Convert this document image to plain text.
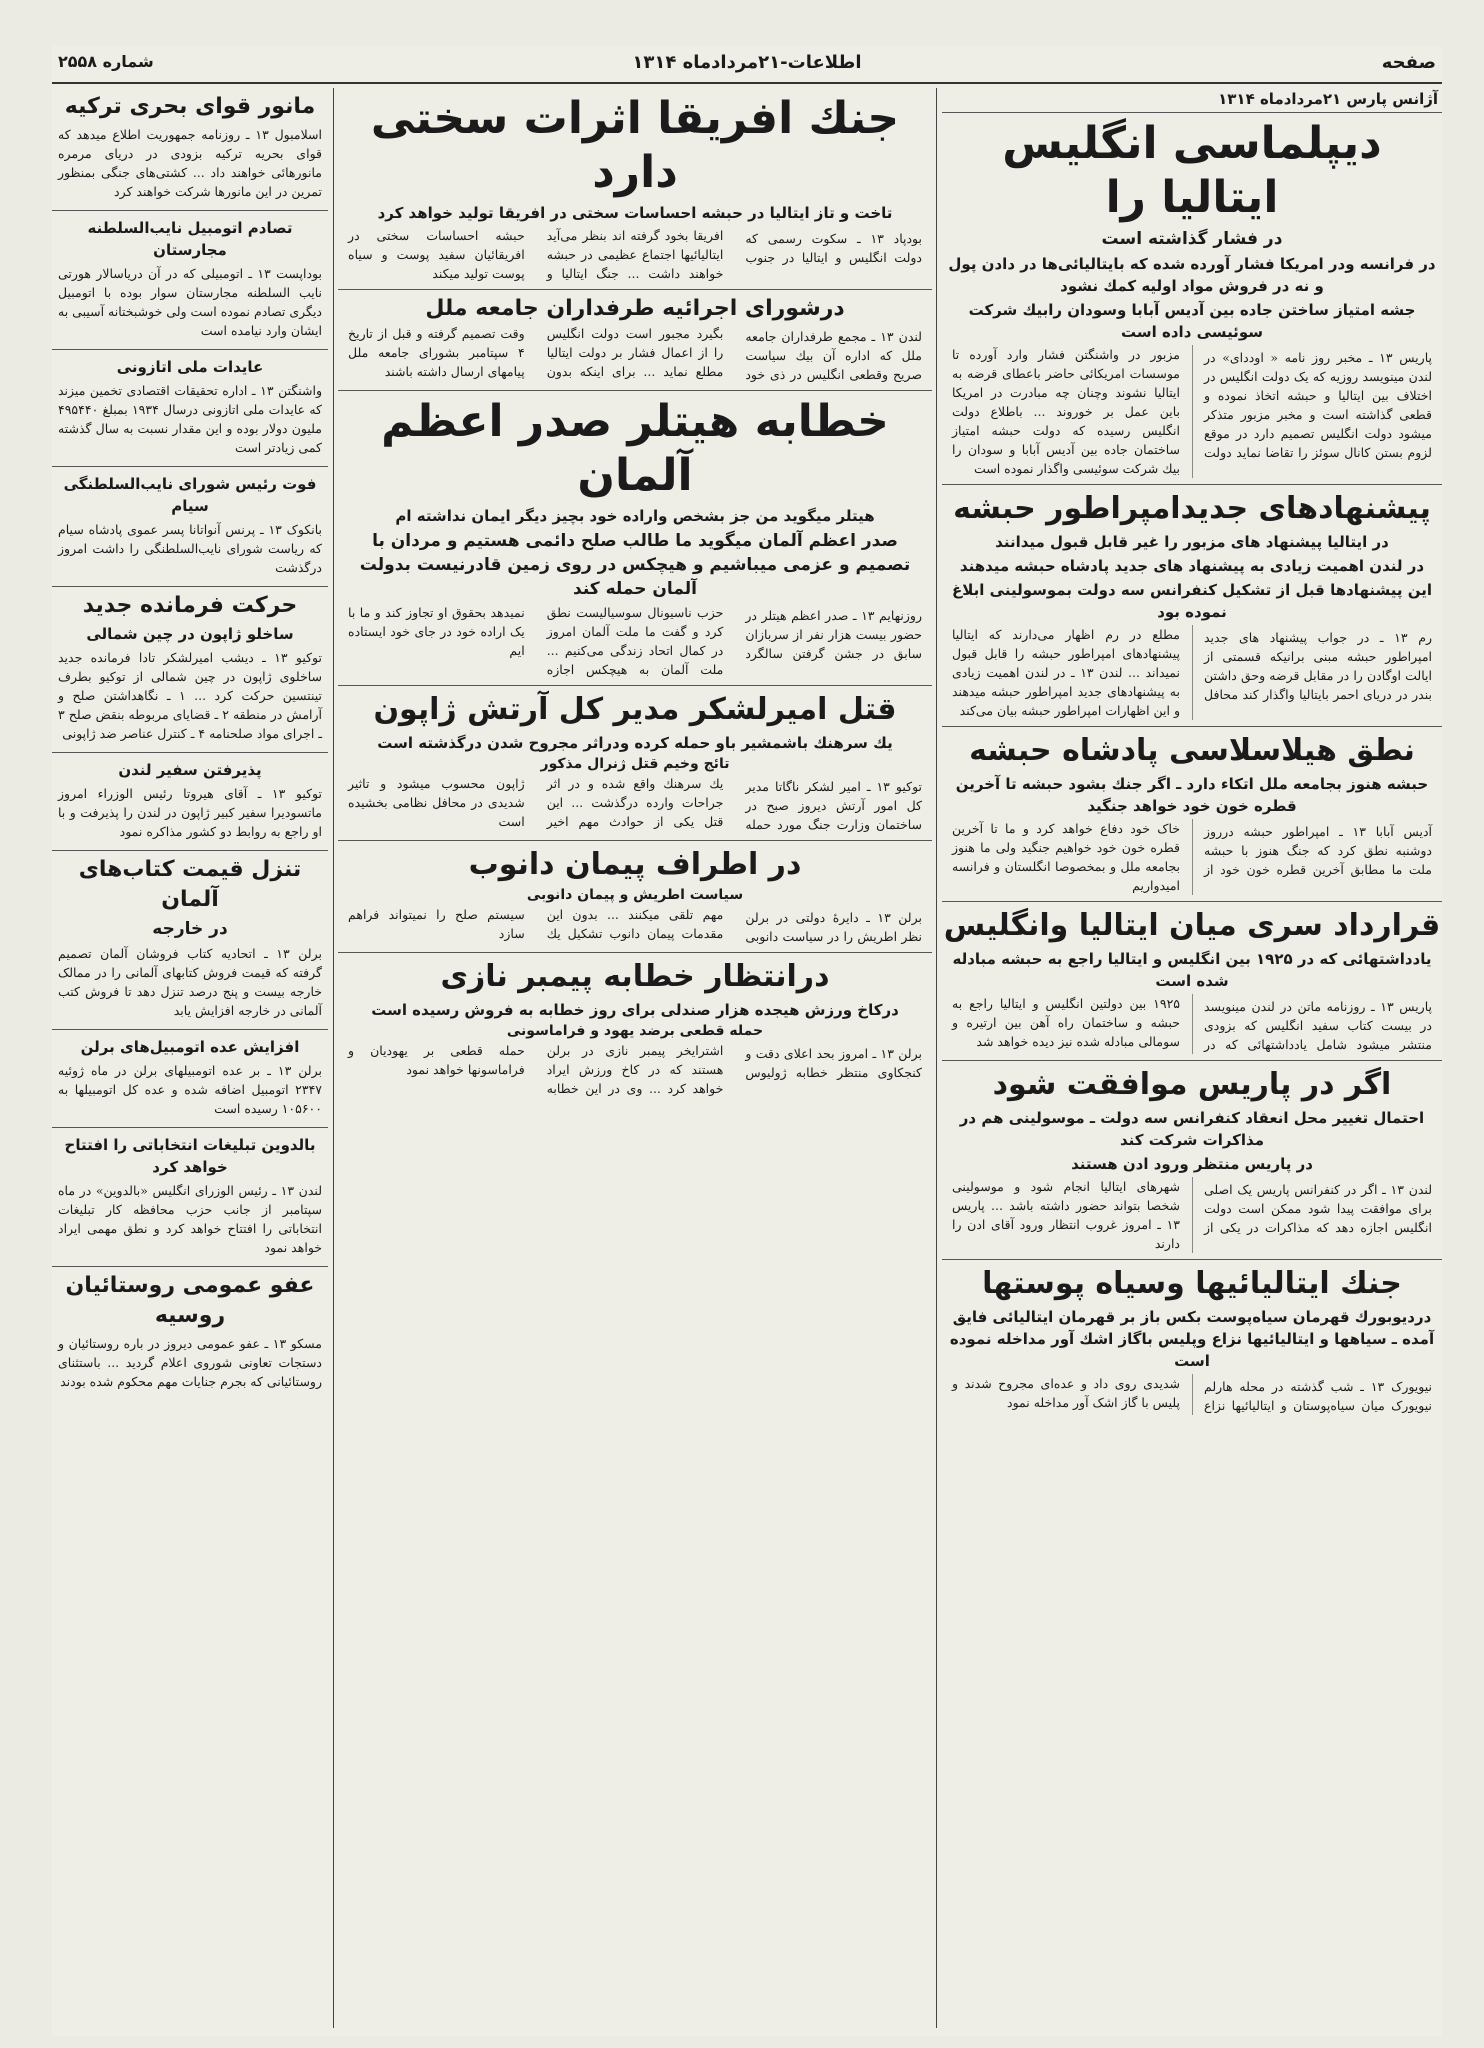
صفحه
اطلاعات-۲۱مردادماه ۱۳۱۴
شماره ۲۵۵۸
آژانس پارس ۲۱مردادماه ۱۳۱۴
دیپلماسی انگلیس ایتالیا را
در فشار گذاشته است
در فرانسه ودر امریکا فشار آورده شده که بایتالیائی‌ها در دادن پول و نه در فروش مواد اولیه کمك نشود
جشه امتیاز ساختن جاده بین آدیس آبابا وسودان رابیك شرکت سوئیسی داده است

پاریس ۱۳ ـ مخبر روز نامه « اوددای» در لندن مینویسد روزیه که یک دولت انگلیس در اختلاف بین ایتالیا و حبشه اتخاذ نموده و قطعی گذاشته است و مخبر مزبور متذکر میشود دولت انگلیس تصمیم دارد در موقع لزوم بستن کانال سوئز را تقاضا نماید دولت مزبور در واشنگتن فشار وارد آورده تا موسسات امریکائی حاضر باعطای قرضه به ایتالیا نشوند وچنان چه مبادرت در امریکا باین عمل بر خوروند ... باطلاع دولت انگلیس رسیده که دولت حبشه امتیاز ساختمان جاده بین آدیس آبابا و سودان را بیك شرکت سوئیسی واگذار نموده است

پیشنهادهای جدیدامپراطور حبشه
در ایتالیا پیشنهاد های مزبور را غیر قابل قبول میدانند
در لندن اهمیت زیادی به پیشنهاد های جدید پادشاه حبشه میدهند
این پیشنهادها قبل از تشکیل کنفرانس سه دولت بموسولینی ابلاغ نموده بود

رم ۱۳ ـ در جواب پیشنهاد های جدید امپراطور حبشه مبنی برانیکه قسمتی از ایالت اوگادن را در مقابل قرضه وحق داشتن بندر در دریای احمر بایتالیا واگذار کند محافل مطلع در رم اظهار می‌دارند که ایتالیا پیشنهادهای امپراطور حبشه را قابل قبول نمیداند ... لندن ۱۳ ـ در لندن اهمیت زیادی به پیشنهادهای جدید امپراطور حبشه میدهند و این اظهارات امپراطور حبشه بیان می‌کند

نطق هیلاسلاسی پادشاه حبشه
حبشه هنوز بجامعه ملل اتکاء دارد ـ اگر جنك بشود حبشه تا آخرین قطره خون خود خواهد جنگید

آدیس آبابا ۱۳ ـ امپراطور حبشه درروز دوشنبه نطق کرد که جنگ هنوز با حبشه ملت ما مطابق آخرین قطره خون خود از خاک خود دفاع خواهد کرد و ما تا آخرین قطره خون خود خواهیم جنگید ولی ما هنوز بجامعه ملل و بمخصوصا انگلستان و فرانسه امیدواریم

قرارداد سری میان ایتالیا وانگلیس
یادداشتهائی که در ۱۹۲۵ بین انگلیس و ایتالیا راجع به حبشه مبادله شده است

پاریس ۱۳ ـ روزنامه ماتن در لندن مینویسد در بیست کتاب سفید انگلیس که بزودی منتشر میشود شامل یادداشتهائی که در ۱۹۲۵ بین دولتین انگلیس و ایتالیا راجع به حبشه و ساختمان راه آهن بین ارتیره و سومالی مبادله شده نیز دیده خواهد شد

اگر در پاریس موافقت شود
احتمال تغییر محل انعقاد کنفرانس سه دولت ـ موسولینی هم در مذاکرات شرکت کند
در پاریس منتظر ورود ادن هستند

لندن ۱۳ ـ اگر در کنفرانس پاریس یک اصلی برای موافقت پیدا شود ممکن است دولت انگلیس اجازه دهد که مذاکرات در یکی از شهرهای ایتالیا انجام شود و موسولینی شخصا بتواند حضور داشته باشد ... پاریس ۱۳ ـ امروز غروب انتظار ورود آقای ادن را دارند

جنك ایتالیائیها وسیاه پوستها
دردیوبورك قهرمان سیاه‌پوست بکس باز بر قهرمان ایتالیائی فایق آمده ـ سیاهها و ایتالیائیها نزاع وپلیس باگاز اشك آور مداخله نموده است

نیویورک ۱۳ ـ شب گذشته در محله هارلم نیویورک میان سیاه‌پوستان و ایتالیائیها نزاع شدیدی روی داد و عده‌ای مجروح شدند و پلیس با گاز اشک آور مداخله نمود

جنك افریقا اثرات سختی دارد
تاخت و تاز ایتالیا در حبشه احساسات سختی در افریقا تولید خواهد کرد

بودپاد ۱۳ ـ سکوت رسمی که دولت انگلیس و ایتالیا در جنوب افریقا بخود گرفته اند بنظر می‌آید ایتالیائیها اجتماع عظیمی در حبشه خواهند داشت ... جنگ ایتالیا و حبشه احساسات سختی در افریقائیان سفید پوست و سیاه پوست تولید میکند

درشورای اجرائیه طرفداران جامعه ملل

لندن ۱۳ ـ مجمع طرفداران جامعه ملل که اداره آن بیك سیاست صریح وقطعی انگلیس در ذی خود بگیرد مجبور است دولت انگلیس را از اعمال فشار بر دولت ایتالیا مطلع نماید ... برای اینکه بدون وقت تصمیم گرفته و قبل از تاریخ ۴ سپتامبر بشورای جامعه ملل پیامهای ارسال داشته باشند

خطابه هیتلر صدر اعظم آلمان
هیتلر میگوید من جز بشخص واراده خود بچیز دیگر ایمان نداشته ام
صدر اعظم آلمان میگوید ما طالب صلح دائمی هستیم و مردان با تصمیم و عزمی میباشیم و هیچکس در روی زمین قادرنیست بدولت آلمان حمله کند

روزنهایم ۱۳ ـ صدر اعظم هیتلر در حضور بیست هزار نفر از سربازان سابق در جشن گرفتن سالگرد حزب ناسیونال سوسیالیست نطق کرد و گفت ما ملت آلمان امروز در کمال اتحاد زندگی می‌کنیم ... ملت آلمان به هیچکس اجازه نمیدهد بحقوق او تجاوز کند و ما با یک اراده خود در جای خود ایستاده ایم

قتل امیرلشکر مدیر کل آرتش ژاپون
یك سرهنك باشمشیر باو حمله کرده ودراثر مجروح شدن درگذشته است
تائج وخیم قتل ژنرال مذکور

توکیو ۱۳ ـ امیر لشکر ناگاتا مدیر کل امور آرتش دیروز صبح در ساختمان وزارت جنگ مورد حمله یك سرهنك واقع شده و در اثر جراحات وارده درگذشت ... این قتل یکی از حوادث مهم اخیر ژاپون محسوب میشود و تاثیر شدیدی در محافل نظامی بخشیده است

در اطراف پیمان دانوب
سیاست اطریش و پیمان دانوبی

برلن ۱۳ ـ دایرۀ دولتی در برلن نظر اطریش را در سیاست دانوبی مهم تلقی میکنند ... بدون این مقدمات پیمان دانوب تشکیل یك سیستم صلح را نمیتواند فراهم سازد

درانتظار خطابه پیمبر نازی
درکاخ ورزش هیجده هزار صندلی برای روز خطابه به فروش رسیده است
حمله قطعی برضد یهود و فراماسونی

برلن ۱۳ ـ امروز بحد اعلای دقت و کنجکاوی منتظر خطابه ژولیوس اشترایخر پیمبر نازی در برلن هستند که در کاخ ورزش ایراد خواهد کرد ... وی در این خطابه حمله قطعی بر یهودیان و فراماسونها خواهد نمود

مانور قوای بحری ترکیه

اسلامبول ۱۳ ـ روزنامه جمهوریت اطلاع میدهد که قوای بحریه ترکیه بزودی در دریای مرمره مانورهائی خواهند داد ... کشتی‌های جنگی بمنظور تمرین در این مانورها شرکت خواهند کرد

تصادم اتومبیل نایب‌السلطنه مجارستان

بوداپست ۱۳ ـ اتومبیلی که در آن دریاسالار هورتی نایب السلطنه مجارستان سوار بوده با اتومبیل دیگری تصادم نموده است ولی خوشبختانه آسیبی به ایشان وارد نیامده است

عایدات ملی اتازونی

واشنگتن ۱۳ ـ اداره تحقیقات اقتصادی تخمین میزند که عایدات ملی اتازونی درسال ۱۹۳۴ بمبلغ ۴۹۵۴۴۰ ملیون دولار بوده و این مقدار نسبت به سال گذشته کمی زیادتر است

فوت رئیس شورای نایب‌السلطنگی سیام

بانکوک ۱۳ ـ پرنس آنواتانا پسر عموی پادشاه سیام که ریاست شورای نایب‌السلطنگی را داشت امروز درگذشت

حرکت فرمانده جدید
ساخلو ژاپون در چین شمالی

توکیو ۱۳ ـ دیشب امیرلشکر تادا فرمانده جدید ساخلوی ژاپون در چین شمالی از توکیو بطرف تینتسین حرکت کرد ... ۱ ـ نگاهداشتن صلح و آرامش در منطقه ۲ ـ قضایای مربوطه بنقض صلح ۳ ـ اجرای مواد صلحنامه ۴ ـ کنترل عناصر ضد ژاپونی

پذیرفتن سفیر لندن

توکیو ۱۳ ـ آقای هیروتا رئیس الوزراء امروز ماتسودیرا سفیر کبیر ژاپون در لندن را پذیرفت و با او راجع به روابط دو کشور مذاکره نمود

تنزل قیمت کتاب‌های آلمان
در خارجه

برلن ۱۳ ـ اتحادیه کتاب فروشان آلمان تصمیم گرفته که قیمت فروش کتابهای آلمانی را در ممالک خارجه بیست و پنج درصد تنزل دهد تا فروش کتب آلمانی در خارجه افزایش یابد

افزایش عده اتومبیل‌های برلن

برلن ۱۳ ـ بر عده اتومبیلهای برلن در ماه ژوئیه ۲۳۴۷ اتومبیل اضافه شده و عده کل اتومبیلها به ۱۰۵۶۰۰ رسیده است

بالدوین تبلیغات انتخاباتی را افتتاح خواهد کرد

لندن ۱۳ ـ رئیس الوزرای انگلیس «بالدوین» در ماه سپتامبر از جانب حزب محافظه کار تبلیغات انتخاباتی را افتتاح خواهد کرد و نطق مهمی ایراد خواهد نمود

عفو عمومی روستائیان روسیه

مسکو ۱۳ ـ عفو عمومی دیروز در باره روستائیان و دستجات تعاونی شوروی اعلام گردید ... باستثنای روستائیانی که بجرم جنایات مهم محکوم شده بودند
